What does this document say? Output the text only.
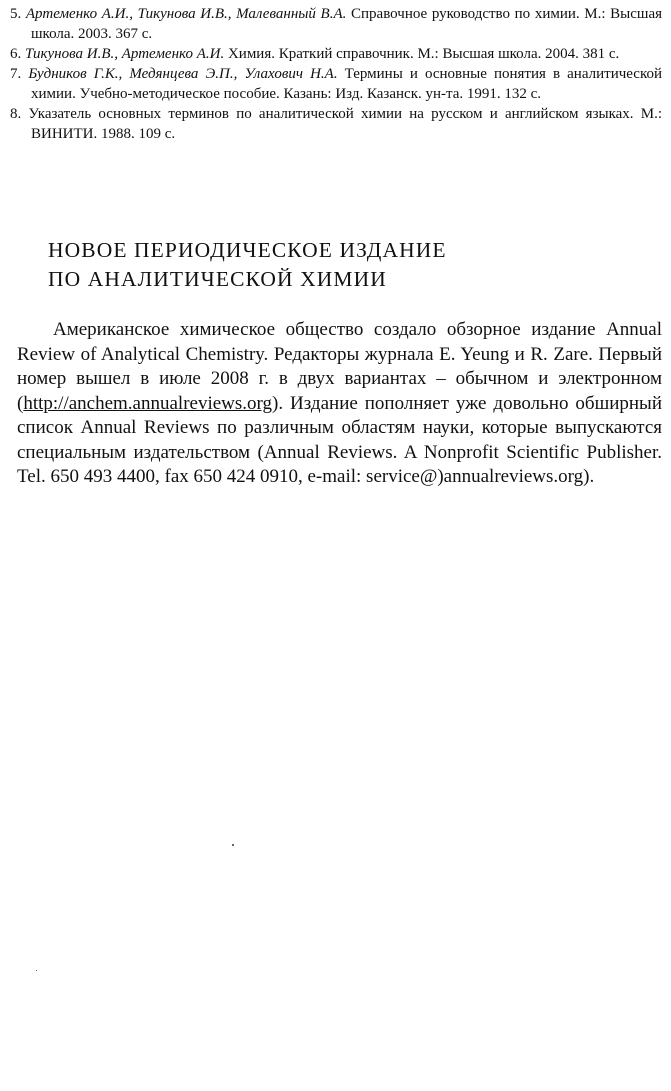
5. Артеменко А.И., Тикунова И.В., Малеванный В.А. Справочное руководство по химии. М.: Высшая школа. 2003. 367 с.
6. Тикунова И.В., Артеменко А.И. Химия. Краткий справочник. М.: Высшая школа. 2004. 381 с.
7. Будников Г.К., Медянцева Э.П., Улахович Н.А. Термины и основные понятия в аналитической химии. Учебно-методическое пособие. Казань: Изд. Казанск. ун-та. 1991. 132 с.
8. Указатель основных терминов по аналитической химии на русском и английском языках. М.: ВИНИТИ. 1988. 109 с.
НОВОЕ ПЕРИОДИЧЕСКОЕ ИЗДАНИЕ
ПО АНАЛИТИЧЕСКОЙ ХИМИИ

Американское химическое общество создало обзорное издание Annual Review of Analytical Chemistry. Редакторы журнала E. Yeung и R. Zare. Первый номер вышел в июле 2008 г. в двух вариантах – обычном и электронном (http://anchem.annualreviews.org). Издание пополняет уже довольно обширный список Annual Reviews по различным областям науки, которые выпускаются специальным издательством (Annual Reviews. A Nonprofit Scientific Publisher. Tel. 650 493 4400, fax 650 424 0910, e-mail: service@)annualreviews.org).
